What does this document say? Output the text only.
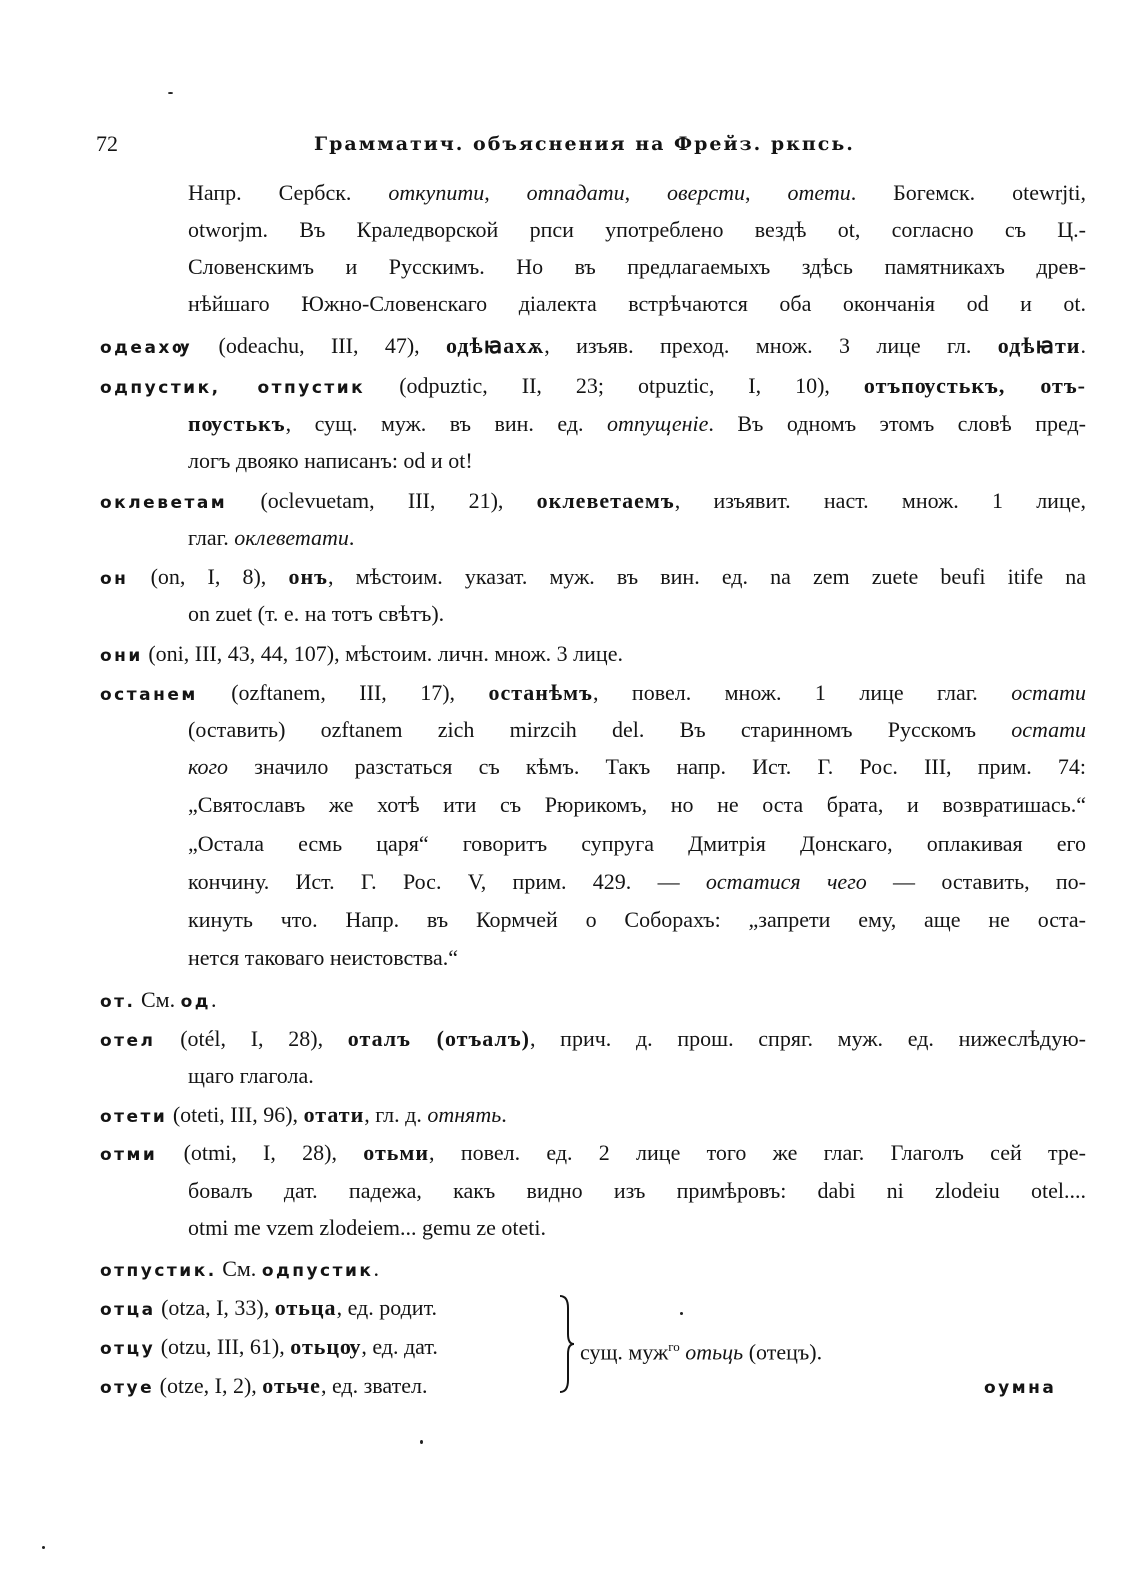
72	Грамматич. объяснения на Фрейз. ркпсь.
Напр. Сербск. откупити, отпадати, оверсти, отети. Богемск. otewrjti,
otworjm. Въ Краледворской рпси употреблено вездѣ ot, согласно съ Ц.-
Словенскимъ и Русскимъ. Но въ предлагаемыхъ здѣсь памятникахъ древ-
нѣйшаго Южно-Словенскаго діалекта встрѣчаются оба окончанія od и ot.
одеахѹ (odeachu, III, 47), одѣꙗахѫ, изъяв. преход. множ. 3 лице гл. одѣꙗти.
одпустик, отпустик (odpuztic, II, 23; otpuztic, I, 10), отъпѹстькъ, отъ-
пѹстькъ, сущ. муж. въ вин. ед. отпущеніе. Въ одномъ этомъ словѣ пред-
логъ двояко написанъ: od и ot!
оклеветам (oclevuetam, III, 21), оклеветаемъ, изъявит. наст. множ. 1 лице,
глаг. оклеветати.
он (on, I, 8), онъ, мѣстоим. указат. муж. въ вин. ед. na zem zuete beufi itife na
on zuet (т. е. на тотъ свѣтъ).
они (oni, III, 43, 44, 107), мѣстоим. личн. множ. 3 лице.
останем (ozftanem, III, 17), останѣмъ, повел. множ. 1 лице глаг. остати
(оставить) ozftanem zich mirzcih del. Въ старинномъ Русскомъ остати
кого значило разстаться съ кѣмъ. Такъ напр. Ист. Г. Рос. III, прим. 74:
„Святославъ же хотѣ ити съ Рюрикомъ, но не оста брата, и возвратишась.“
„Остала есмь царя“ говоритъ супруга Дмитрія Донскаго, оплакивая его
кончину. Ист. Г. Рос. V, прим. 429. — остатися чего — оставить, по-
кинуть что. Напр. въ Кормчей о Соборахъ: „запрети ему, аще не оста-
нется таковаго неистовства.“
от. См. од.
отел (otél, I, 28), оталъ (отъалъ), прич. д. прош. спряг. муж. ед. нижеслѣдую-
щаго глагола.
отети (oteti, III, 96), отати, гл. д. отнять.
отми (otmi, I, 28), отьми, повел. ед. 2 лице того же глаг. Глаголъ сей тре-
бовалъ дат. падежа, какъ видно изъ примѣровъ: dabi ni zlodeiu otel....
otmi me vzem zlodeiem... gemu ze oteti.
отпустик. См. одпустик.
отца (otza, I, 33), отьца, ед. родит.
отцу (otzu, III, 61), отьцѹ, ед. дат.
отуе (otze, I, 2), отьче, ед. звател.
сущ. муж$^{го}$ отьць (отецъ).
оумна
